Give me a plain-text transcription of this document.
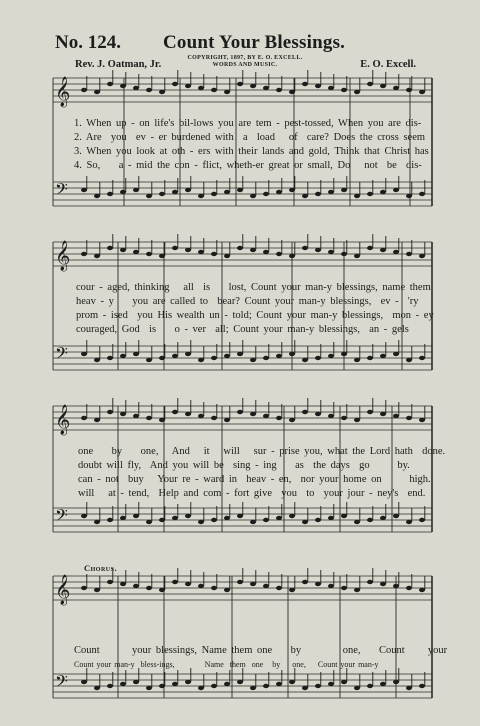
No. 124. Count Your Blessings.
Rev. J. Oatman, Jr.
COPYRIGHT, 1897, BY E. O. EXCELL.
WORDS AND MUSIC.	E. O. Excell.
𝄞
𝄢
𝄞
𝄢
𝄞
𝄢
𝄞
𝄢
1. When up - on life's bil-lows you are tem - pest-tossed, When you are dis-
2. Are  you  ev - er burdened with  a  load   of  care? Does the cross seem
3. When you look at oth - ers with their lands and gold, Think that Christ has
4. So,    a - mid the con - flict, wheth-er great or small, Do   not  be  dis-
cour - aged, thinking   all  is    lost, Count your man-y blessings, name them
heav - y    you are called to  bear? Count your man-y blessings,  ev -  'ry
prom - ised  you His wealth un - told; Count your man-y blessings,  mon - ey
couraged, God  is    o - ver  all; Count your man-y blessings,  an - gels
one    by    one,   And   it   will   sur - prise you, what the Lord hath  done.
doubt will fly,  And you will be  sing - ing    as  the days  go      by.
can - not  buy   Your re - ward in  heav - en,  nor your home on      high.
will   at - tend,  Help and com - fort give  you  to  your jour - ney's  end.
Chorus.
Count       your blessings, Name them one    by         one,    Count     your
Count your man-y  bless-ings,          Name  them  one   by    one,    Count your man-y
